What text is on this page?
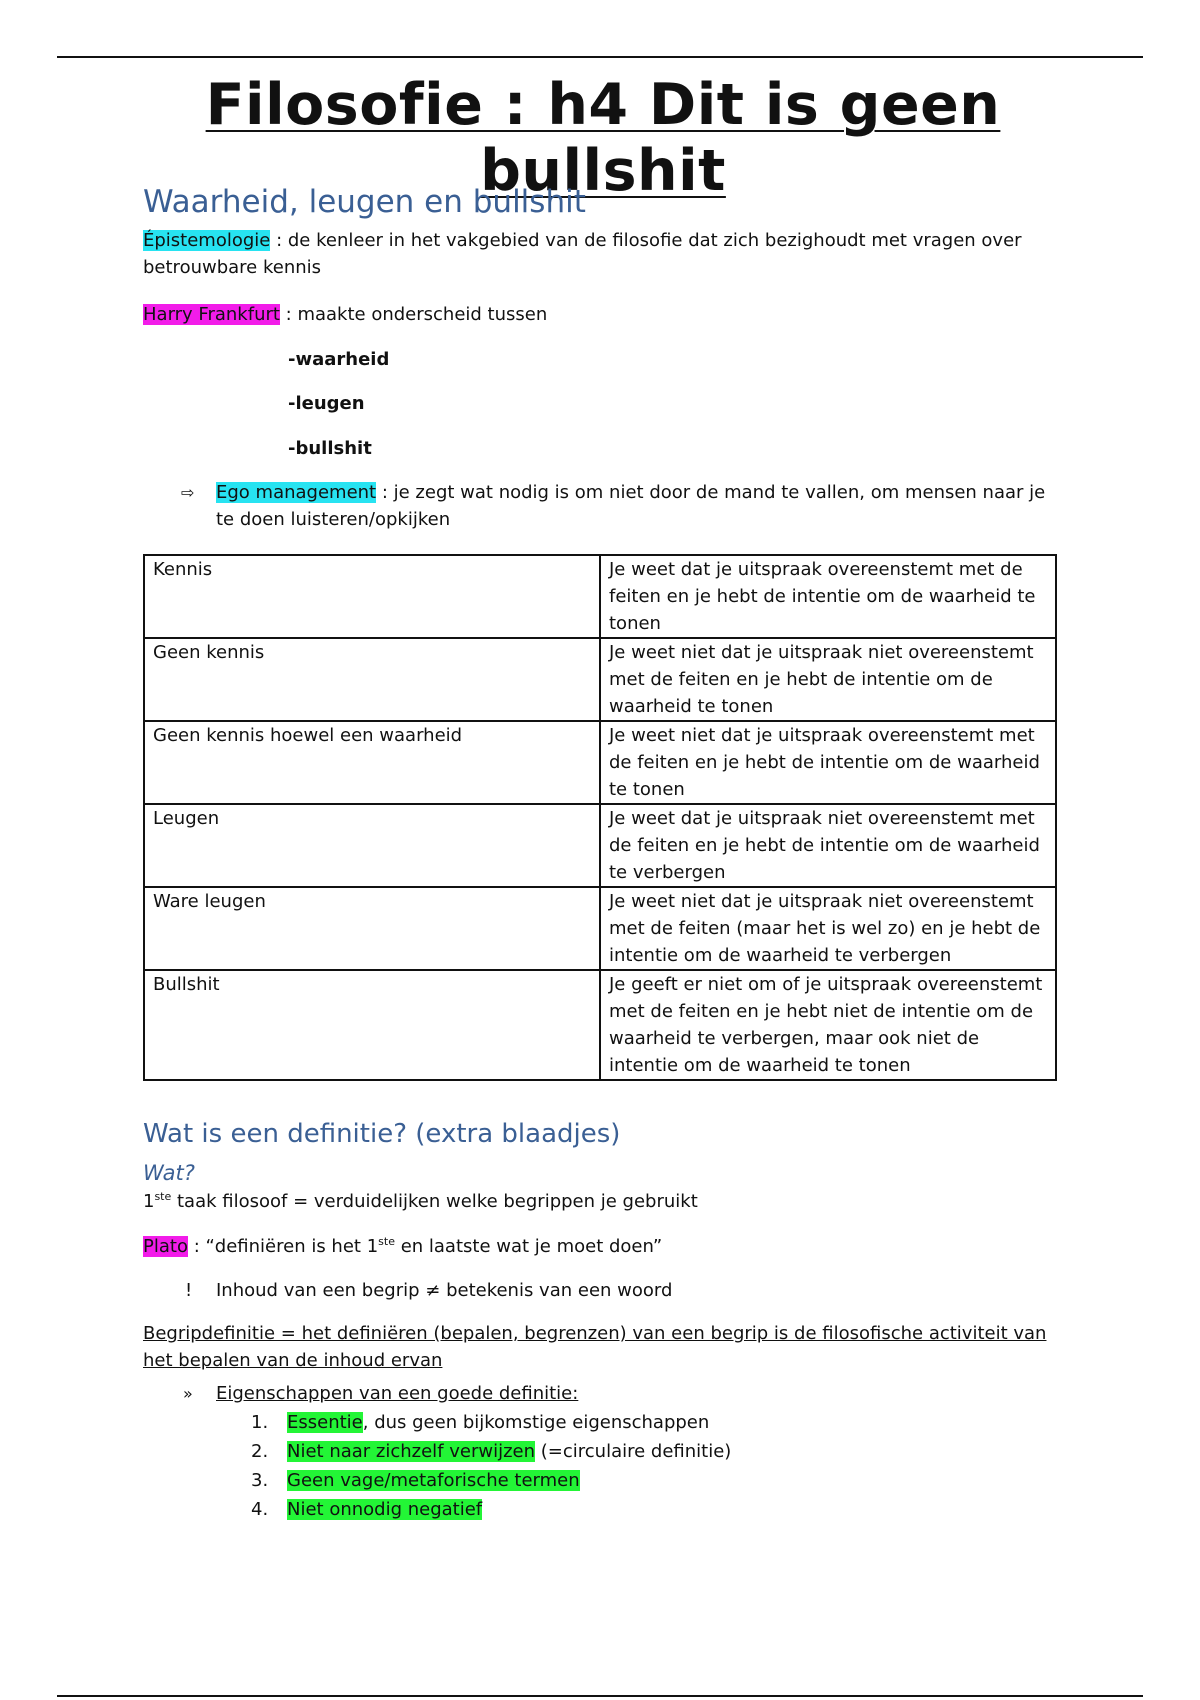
Filosofie : h4 Dit is geen bullshit
Waarheid, leugen en bullshit
Épistemologie : de kenleer in het vakgebied van de filosofie dat zich bezighoudt met vragen over betrouwbare kennis
Harry Frankfurt : maakte onderscheid tussen
-waarheid
-leugen
-bullshit
⇨ Ego management : je zegt wat nodig is om niet door de mand te vallen, om mensen naar je te doen luisteren/opkijken
Kennis	Je weet dat je uitspraak overeenstemt met de feiten en je hebt de intentie om de waarheid te tonen
Geen kennis	Je weet niet dat je uitspraak niet overeenstemt met de feiten en je hebt de intentie om de waarheid te tonen
Geen kennis hoewel een waarheid	Je weet niet dat je uitspraak overeenstemt met de feiten en je hebt de intentie om de waarheid te tonen
Leugen	Je weet dat je uitspraak niet overeenstemt met de feiten en je hebt de intentie om de waarheid te verbergen
Ware leugen	Je weet niet dat je uitspraak niet overeenstemt met de feiten (maar het is wel zo) en je hebt de intentie om de waarheid te verbergen
Bullshit	Je geeft er niet om of je uitspraak overeenstemt met de feiten en je hebt niet de intentie om de waarheid te verbergen, maar ook niet de intentie om de waarheid te tonen
Wat is een definitie? (extra blaadjes)
Wat?
1ste taak filosoof = verduidelijken welke begrippen je gebruikt
Plato : “definiëren is het 1ste en laatste wat je moet doen”
! Inhoud van een begrip ≠ betekenis van een woord
Begripdefinitie = het definiëren (bepalen, begrenzen) van een begrip is de filosofische activiteit van het bepalen van de inhoud ervan
» Eigenschappen van een goede definitie:
1. Essentie, dus geen bijkomstige eigenschappen
2. Niet naar zichzelf verwijzen (=circulaire definitie)
3. Geen vage/metaforische termen
4. Niet onnodig negatief
